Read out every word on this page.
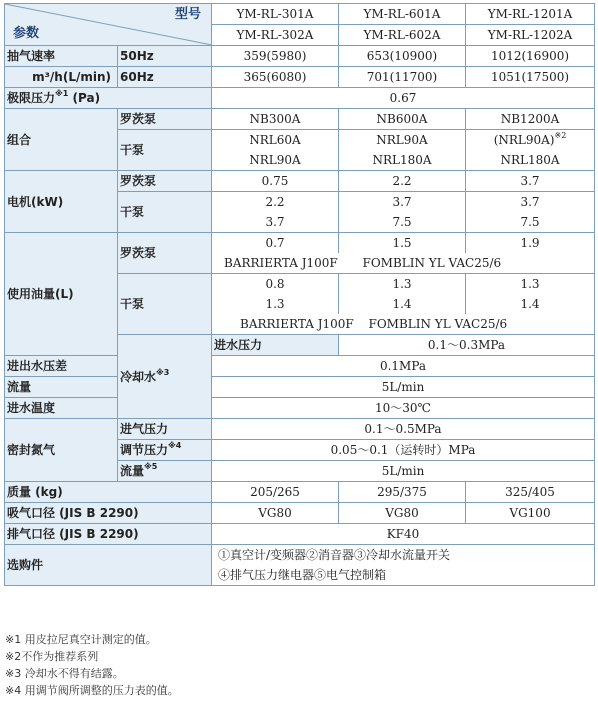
型号
参数		YM-RL-301A	YM-RL-601A	YM-RL-1201A
		YM-RL-302A	YM-RL-602A	YM-RL-1202A
抽气速率	50Hz	359(5980)	653(10900)	1012(16900)
m³/h(L/min)	60Hz	365(6080)	701(11700)	1051(17500)
极限压力$^{※1}$ (Pa)		0.67		
组合	罗茨泵	NB300A	NB600A	NB1200A
	干泵	NRL60A	NRL90A	$(NRL90A)^{※2}$
		NRL90A	NRL180A	NRL180A
电机(kW)	罗茨泵	0.75	2.2	3.7
	干泵	2.2	3.7	3.7
		3.7	7.5	7.5
使用油量(L)	罗茨泵	0.7	1.5	1.9
		BARRIERTA J100F	FOMBLIN YL VAC25/6	
	干泵	0.8	1.3	1.3
		1.3	1.4	1.4
		BARRIERTA J100F	FOMBLIN YL VAC25/6	
	冷却水$^{※3}$	进水压力	0.1～0.3MPa	
进出水压差		0.1MPa		
流量		5L/min		
进水温度		10～30℃		
密封氮气	进气压力	0.1～0.5MPa		
	调节压力$^{※4}$	0.05～0.1（运转时）MPa		
	流量$^{※5}$	5L/min		
质量 (kg)		205/265	295/375	325/405
吸气口径 (JIS B 2290)		VG80	VG80	VG100
排气口径 (JIS B 2290)		KF40		
选购件		①真空计/变频器②消音器③冷却水流量开关		
		④排气压力继电器⑤电气控制箱		
※1 用皮拉尼真空计测定的值。
※2不作为推荐系列
※3 冷却水不得有结露。
※4 用调节阀所调整的压力表的值。
